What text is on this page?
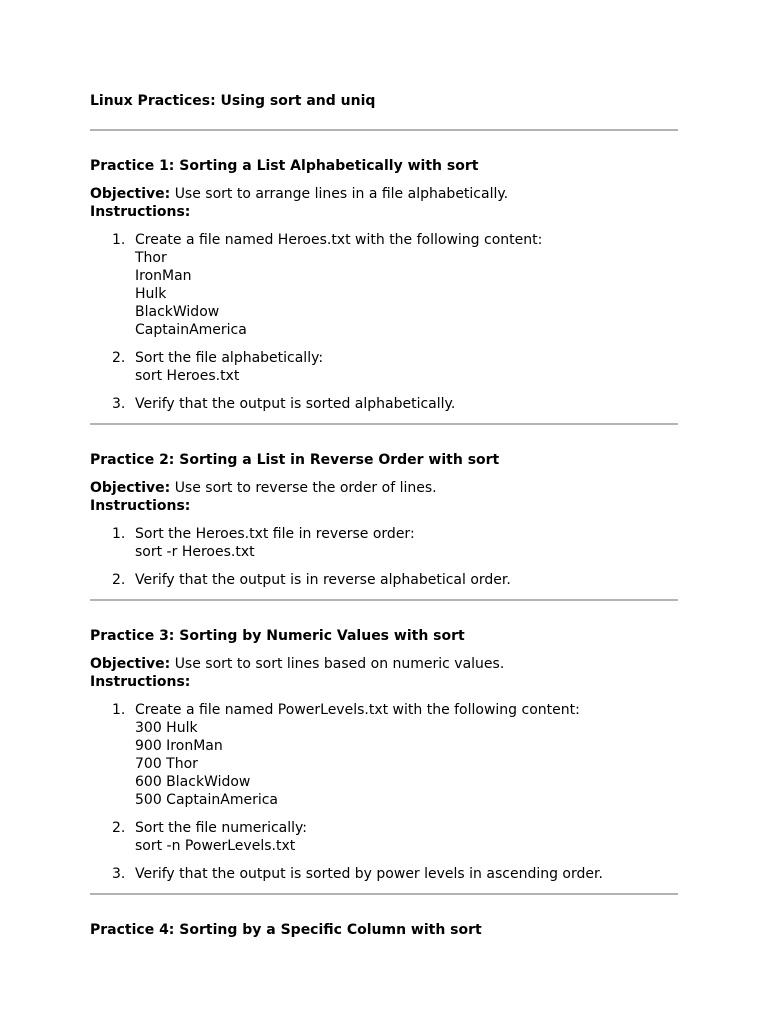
Linux Practices: Using sort and uniq
Practice 1: Sorting a List Alphabetically with sort

Objective: Use sort to arrange lines in a file alphabetically.

Instructions:

1. Create a file named Heroes.txt with the following content:
Thor
IronMan
Hulk
BlackWidow
CaptainAmerica
2. Sort the file alphabetically:
sort Heroes.txt
3. Verify that the output is sorted alphabetically.
Practice 2: Sorting a List in Reverse Order with sort

Objective: Use sort to reverse the order of lines.

Instructions:

1. Sort the Heroes.txt file in reverse order:
sort -r Heroes.txt
2. Verify that the output is in reverse alphabetical order.
Practice 3: Sorting by Numeric Values with sort

Objective: Use sort to sort lines based on numeric values.

Instructions:

1. Create a file named PowerLevels.txt with the following content:
300 Hulk
900 IronMan
700 Thor
600 BlackWidow
500 CaptainAmerica
2. Sort the file numerically:
sort -n PowerLevels.txt
3. Verify that the output is sorted by power levels in ascending order.
Practice 4: Sorting by a Specific Column with sort
